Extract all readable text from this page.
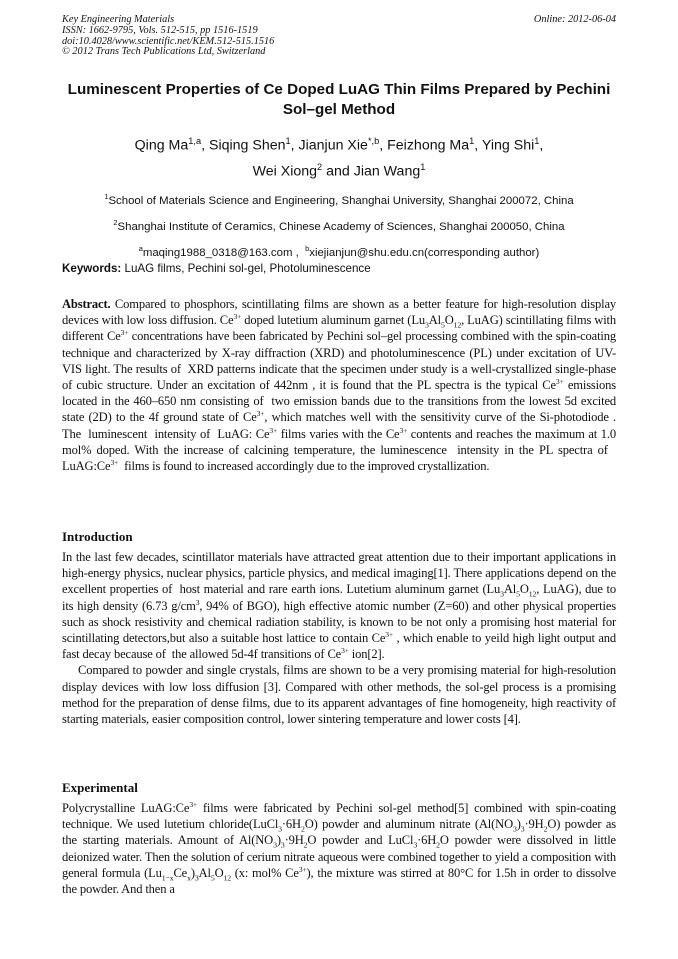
Key Engineering Materials
ISSN: 1662-9795, Vols. 512-515, pp 1516-1519
doi:10.4028/www.scientific.net/KEM.512-515.1516
© 2012 Trans Tech Publications Ltd, Switzerland
Online: 2012-06-04
Luminescent Properties of Ce Doped LuAG Thin Films Prepared by Pechini Sol–gel Method
Qing Ma$^{1,a}$, Siqing Shen$^1$, Jianjun Xie$^{*,b}$, Feizhong Ma$^1$, Ying Shi$^1$,
Wei Xiong$^2$ and Jian Wang$^1$
$^1$School of Materials Science and Engineering, Shanghai University, Shanghai 200072, China
$^2$Shanghai Institute of Ceramics, Chinese Academy of Sciences, Shanghai 200050, China
$^a$maqing1988_0318@163.com ,  $^b$xiejianjun@shu.edu.cn(corresponding author)
Keywords: LuAG films, Pechini sol-gel, Photoluminescence

Abstract. Compared to phosphors, scintillating films are shown as a better feature for high-resolution display devices with low loss diffusion. $Ce^{3+}$ doped lutetium aluminum garnet ($Lu_3Al_5O_{12}$, LuAG) scintillating films with different $Ce^{3+}$ concentrations have been fabricated by Pechini sol–gel processing combined with the spin-coating technique and characterized by X-ray diffraction (XRD) and photoluminescence (PL) under excitation of UV-VIS light. The results of  XRD patterns indicate that the specimen under study is a well-crystallized single-phase of cubic structure. Under an excitation of 442nm , it is found that the PL spectra is the typical $Ce^{3+}$ emissions located in the 460–650 nm consisting of  two emission bands due to the transitions from the lowest 5d excited state (2D) to the 4f ground state of $Ce^{3+}$, which matches well with the sensitivity curve of the Si-photodiode . The  luminescent  intensity of  LuAG: $Ce^{3+}$ films varies with the $Ce^{3+}$ contents and reaches the maximum at 1.0 mol% doped. With the increase of calcining temperature, the luminescence  intensity in the PL spectra of   $LuAG:Ce^{3+}$  films is found to increased accordingly due to the improved crystallization.

Introduction

In the last few decades, scintillator materials have attracted great attention due to their important applications in high-energy physics, nuclear physics, particle physics, and medical imaging[1]. There applications depend on the excellent properties of  host material and rare earth ions. Lutetium aluminum garnet ($Lu_3Al_5O_{12}$, LuAG), due to its high density (6.73 $g/cm^3$, 94% of BGO), high effective atomic number (Z=60) and other physical properties such as shock resistivity and chemical radiation stability, is known to be not only a promising host material for scintillating detectors,but also a suitable host lattice to contain $Ce^{3+}$ , which enable to yeild high light output and fast decay because of  the allowed 5d-4f transitions of $Ce^{3+}$ ion[2].

Compared to powder and single crystals, films are shown to be a very promising material for high-resolution display devices with low loss diffusion [3]. Compared with other methods, the sol-gel process is a promising method for the preparation of dense films, due to its apparent advantages of fine homogeneity, high reactivity of starting materials, easier composition control, lower sintering temperature and lower costs [4].

Experimental

Polycrystalline $LuAG:Ce^{3+}$ films were fabricated by Pechini sol-gel method[5] combined with spin-coating technique. We used lutetium $chloride(LuCl_3\cdot 6H_2O)$ powder and aluminum nitrate $(Al(NO_3)_3\cdot 9H_2O)$ powder as the starting materials. Amount of $Al(NO_3)_3\cdot 9H_2O$ powder and $LuCl_3\cdot 6H_2O$ powder were dissolved in little deionized water. Then the solution of cerium nitrate aqueous were combined together to yield a composition with general formula $(Lu_{1-x}Ce_x)_3Al_5O_{12}$ (x: mol% $Ce^{3+}$), the mixture was stirred at 80°C for 1.5h in order to dissolve the powder. And then a
